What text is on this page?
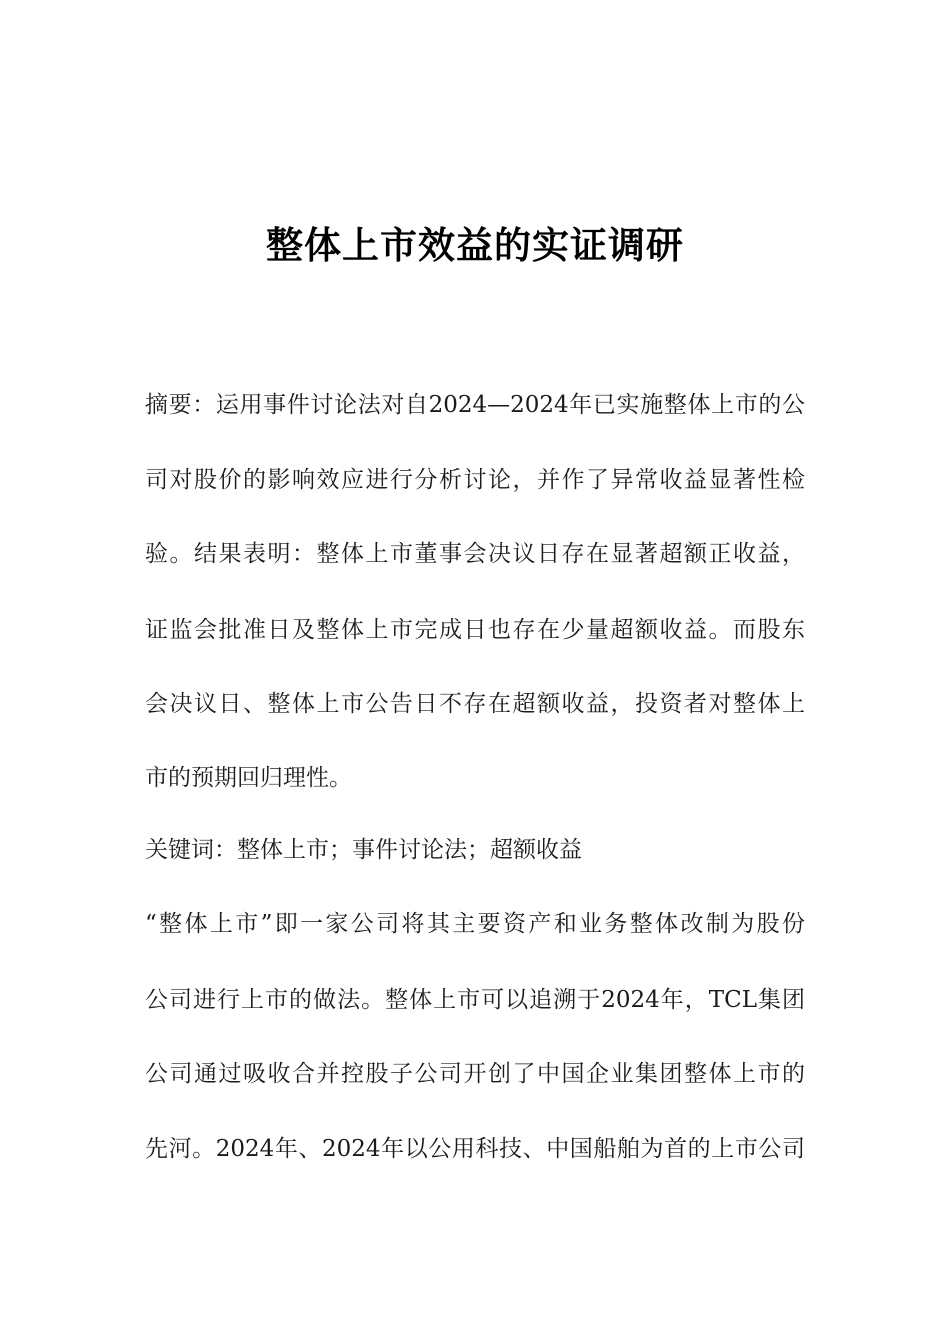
整体上市效益的实证调研
摘要：运用事件讨论法对自2024—2024年已实施整体上市的公
司对股价的影响效应进行分析讨论，并作了异常收益显著性检
验。结果表明：整体上市董事会决议日存在显著超额正收益，
证监会批准日及整体上市完成日也存在少量超额收益。而股东
会决议日、整体上市公告日不存在超额收益，投资者对整体上
市的预期回归理性。
关键词：整体上市；事件讨论法；超额收益
“整体上市”即一家公司将其主要资产和业务整体改制为股份
公司进行上市的做法。整体上市可以追溯于2024年，TCL集团
公司通过吸收合并控股子公司开创了中国企业集团整体上市的
先河。2024年、2024年以公用科技、中国船舶为首的上市公司
